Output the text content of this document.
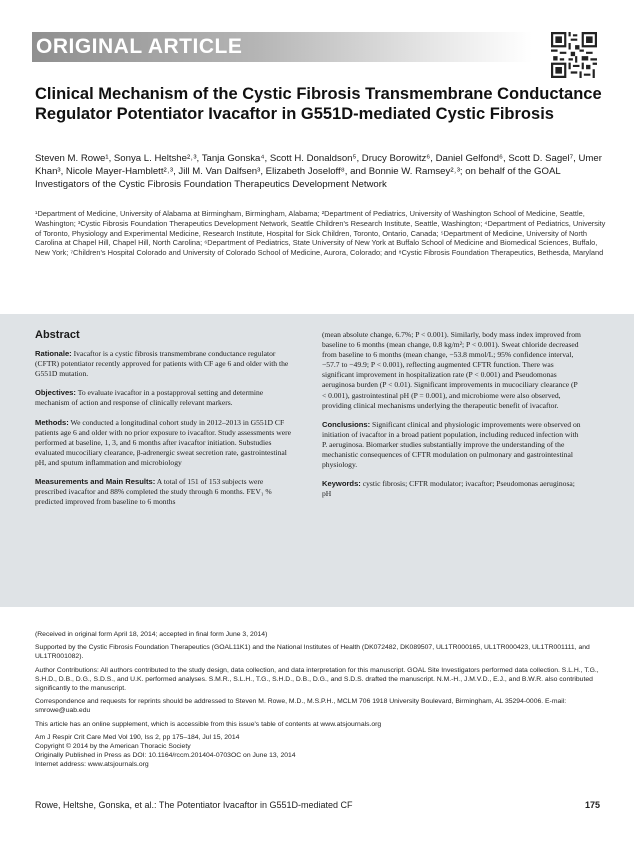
ORIGINAL ARTICLE
Clinical Mechanism of the Cystic Fibrosis Transmembrane Conductance Regulator Potentiator Ivacaftor in G551D-mediated Cystic Fibrosis
Steven M. Rowe¹, Sonya L. Heltshe²˒³, Tanja Gonska⁴, Scott H. Donaldson⁵, Drucy Borowitz⁶, Daniel Gelfond⁶, Scott D. Sagel⁷, Umer Khan³, Nicole Mayer-Hamblett²˒³, Jill M. Van Dalfsen³, Elizabeth Joseloff⁸, and Bonnie W. Ramsey²˒³; on behalf of the GOAL Investigators of the Cystic Fibrosis Foundation Therapeutics Development Network
¹Department of Medicine, University of Alabama at Birmingham, Birmingham, Alabama; ²Department of Pediatrics, University of Washington School of Medicine, Seattle, Washington; ³Cystic Fibrosis Foundation Therapeutics Development Network, Seattle Children's Research Institute, Seattle, Washington; ⁴Department of Pediatrics, University of Toronto, Physiology and Experimental Medicine, Research Institute, Hospital for Sick Children, Toronto, Ontario, Canada; ⁵Department of Medicine, University of North Carolina at Chapel Hill, Chapel Hill, North Carolina; ⁶Department of Pediatrics, State University of New York at Buffalo School of Medicine and Biomedical Sciences, Buffalo, New York; ⁷Children's Hospital Colorado and University of Colorado School of Medicine, Aurora, Colorado; and ⁸Cystic Fibrosis Foundation Therapeutics, Bethesda, Maryland
Abstract

Rationale: Ivacaftor is a cystic fibrosis transmembrane conductance regulator (CFTR) potentiator recently approved for patients with CF age 6 and older with the G551D mutation.

Objectives: To evaluate ivacaftor in a postapproval setting and determine mechanism of action and response of clinically relevant markers.

Methods: We conducted a longitudinal cohort study in 2012–2013 in G551D CF patients age 6 and older with no prior exposure to ivacaftor. Study assessments were performed at baseline, 1, 3, and 6 months after ivacaftor initiation. Substudies evaluated mucociliary clearance, β-adrenergic sweat secretion rate, gastrointestinal pH, and sputum inflammation and microbiology

Measurements and Main Results: A total of 151 of 153 subjects were prescribed ivacaftor and 88% completed the study through 6 months. FEV₁ % predicted improved from baseline to 6 months

(mean absolute change, 6.7%; P < 0.001). Similarly, body mass index improved from baseline to 6 months (mean change, 0.8 kg/m²; P < 0.001). Sweat chloride decreased from baseline to 6 months (mean change, −53.8 mmol/L; 95% confidence interval, −57.7 to −49.9; P < 0.001), reflecting augmented CFTR function. There was significant improvement in hospitalization rate (P < 0.001) and Pseudomonas aeruginosa burden (P < 0.01). Significant improvements in mucociliary clearance (P < 0.001), gastrointestinal pH (P = 0.001), and microbiome were also observed, providing clinical mechanisms underlying the therapeutic benefit of ivacaftor.

Conclusions: Significant clinical and physiologic improvements were observed on initiation of ivacaftor in a broad patient population, including reduced infection with P. aeruginosa. Biomarker studies substantially improve the understanding of the mechanistic consequences of CFTR modulation on pulmonary and gastrointestinal physiology.

Keywords: cystic fibrosis; CFTR modulator; ivacaftor; Pseudomonas aeruginosa; pH

(Received in original form April 18, 2014; accepted in final form June 3, 2014)

Supported by the Cystic Fibrosis Foundation Therapeutics (GOAL11K1) and the National Institutes of Health (DK072482, DK089507, UL1TR000165, UL1TR000423, UL1TR001111, and UL1TR001082).

Author Contributions: All authors contributed to the study design, data collection, and data interpretation for this manuscript. GOAL Site Investigators performed data collection. S.L.H., T.G., S.H.D., D.B., D.G., S.D.S., and U.K. performed analyses. S.M.R., S.L.H., T.G., S.H.D., D.B., D.G., and S.D.S. drafted the manuscript. N.M.-H., J.M.V.D., E.J., and B.W.R. also contributed significantly to the manuscript.

Correspondence and requests for reprints should be addressed to Steven M. Rowe, M.D., M.S.P.H., MCLM 706 1918 University Boulevard, Birmingham, AL 35294-0006. E-mail: smrowe@uab.edu

This article has an online supplement, which is accessible from this issue's table of contents at www.atsjournals.org

Am J Respir Crit Care Med Vol 190, Iss 2, pp 175–184, Jul 15, 2014
Copyright © 2014 by the American Thoracic Society
Originally Published in Press as DOI: 10.1164/rccm.201404-0703OC on June 13, 2014
Internet address: www.atsjournals.org
Rowe, Heltshe, Gonska, et al.: The Potentiator Ivacaftor in G551D-mediated CF	175
